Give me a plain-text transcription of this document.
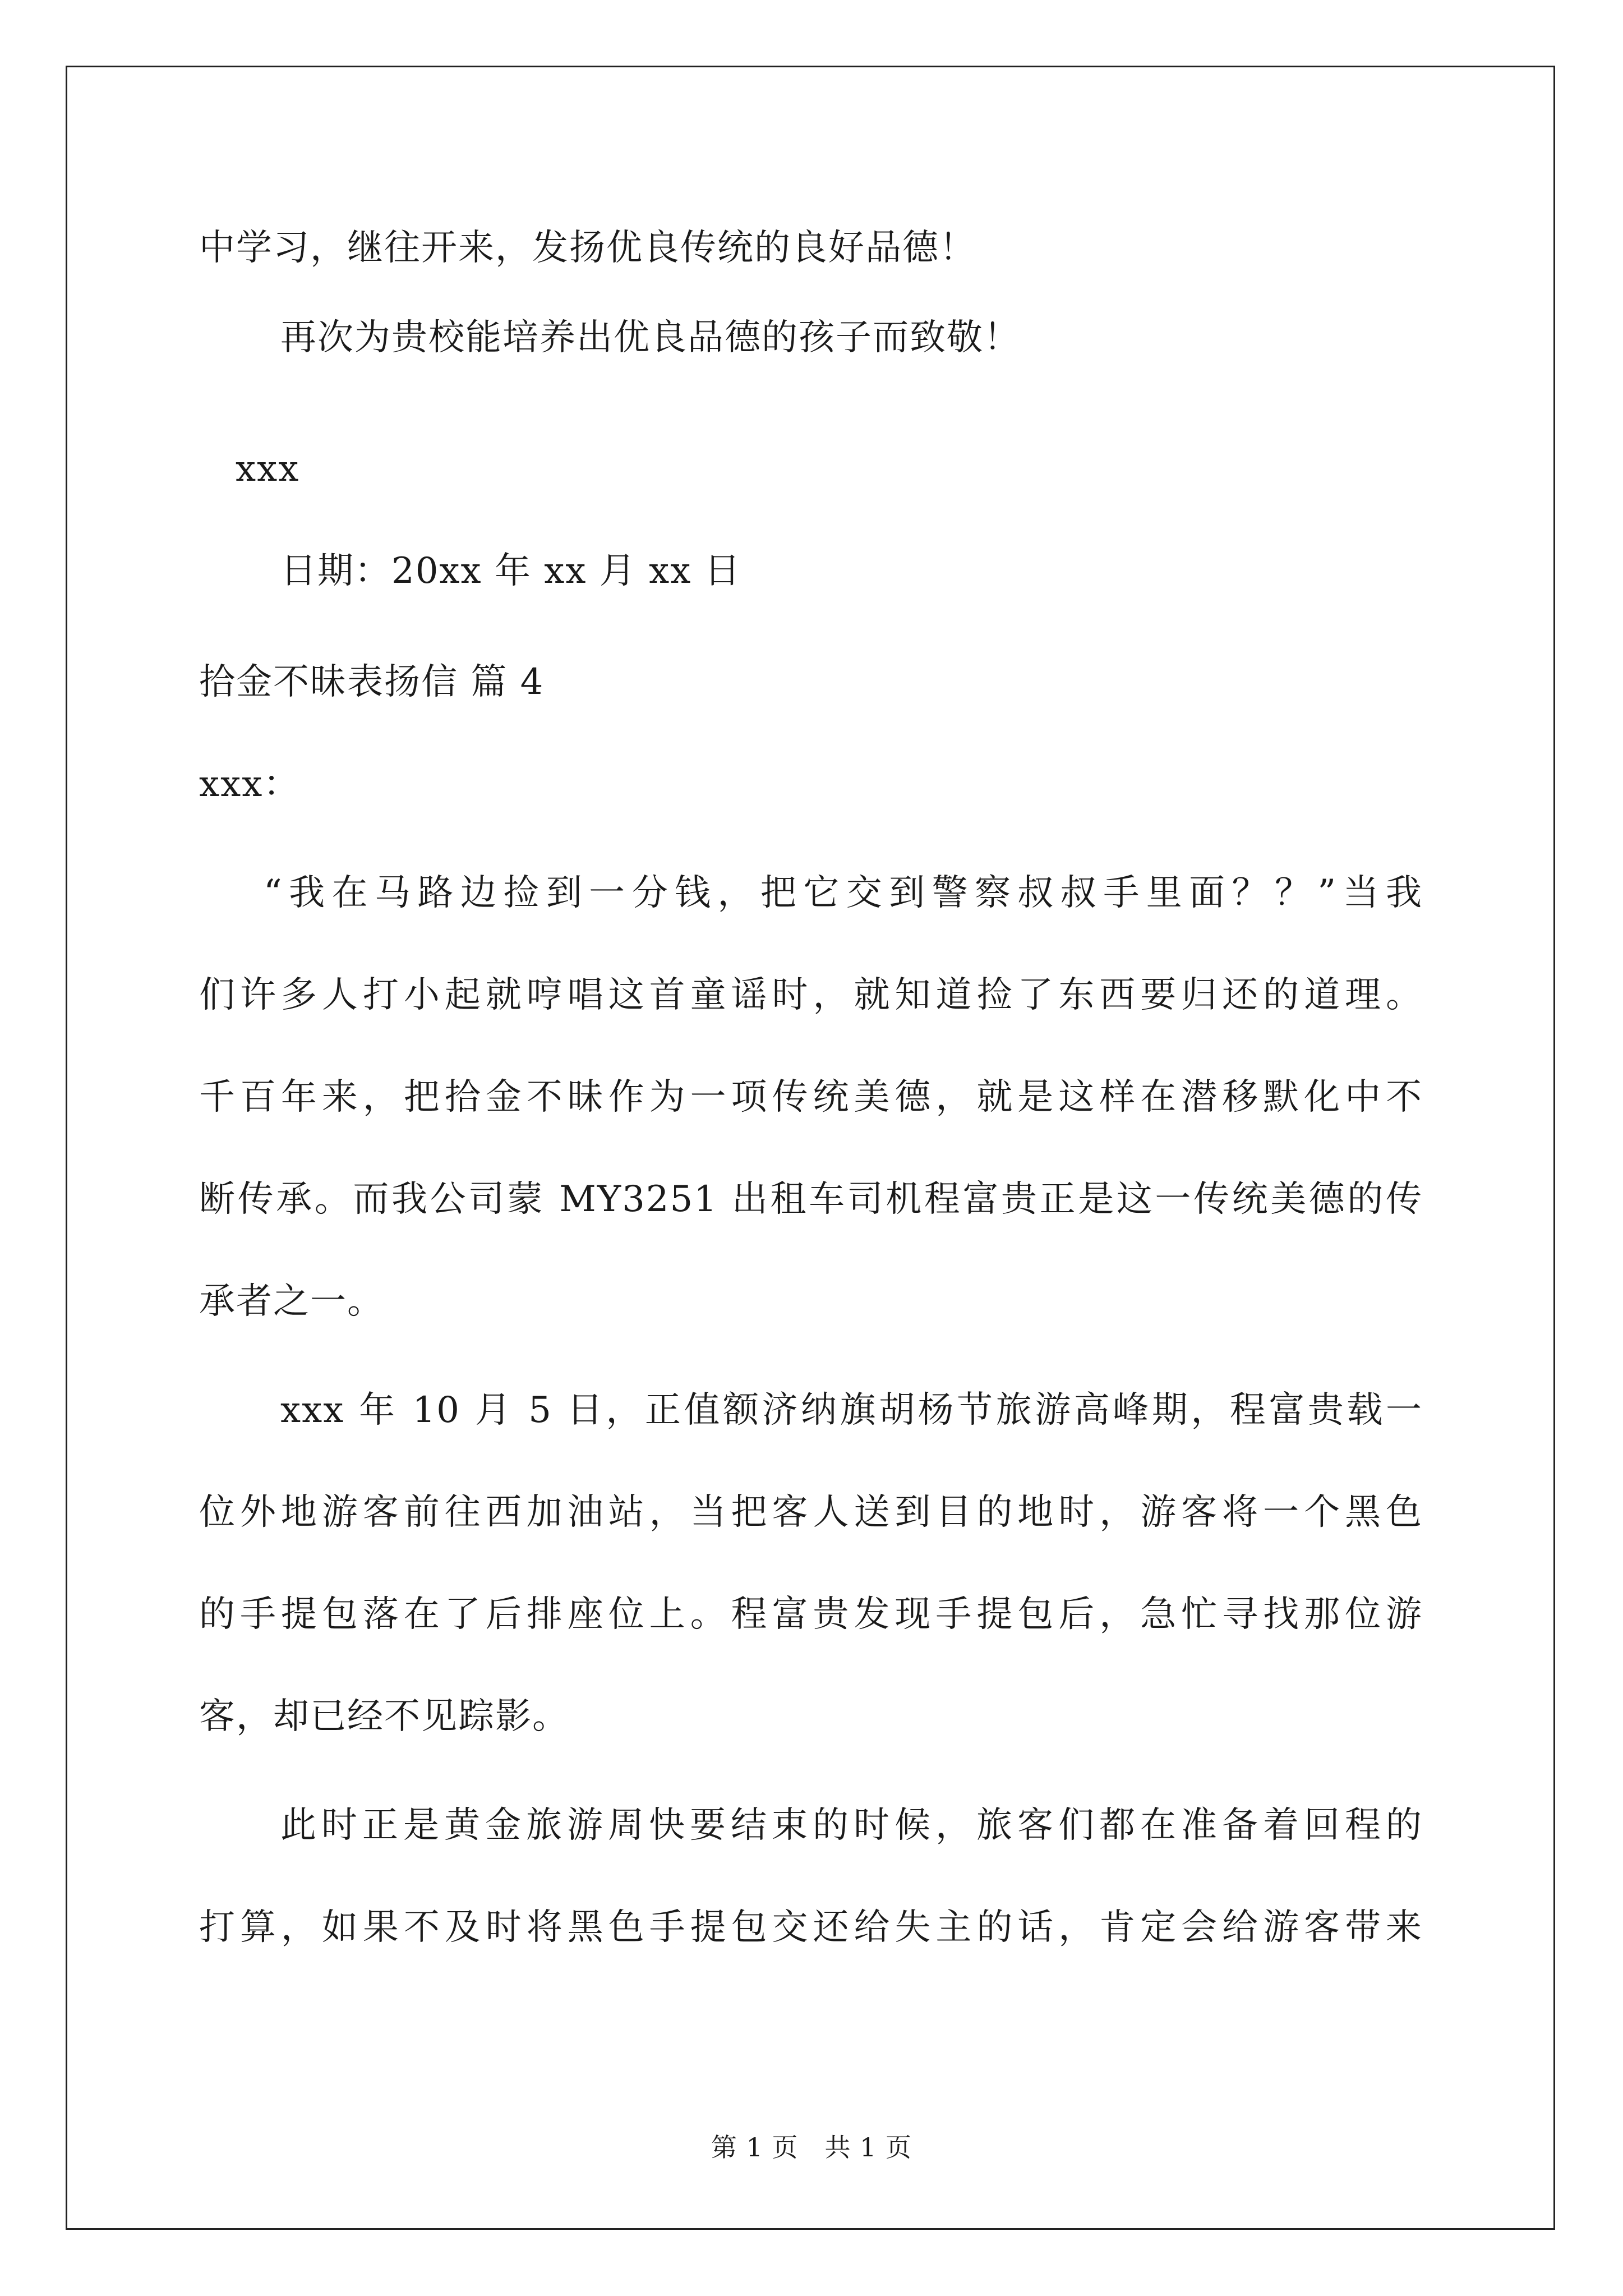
中学习，继往开来，发扬优良传统的良好品德！
再次为贵校能培养出优良品德的孩子而致敬！
xxx
日期：20xx 年 xx 月 xx 日
拾金不昧表扬信 篇 4
xxx：
“我在马路边捡到一分钱，把它交到警察叔叔手里面？？”当我
们许多人打小起就哼唱这首童谣时，就知道捡了东西要归还的道理。
千百年来，把拾金不昧作为一项传统美德，就是这样在潜移默化中不
断传承。而我公司蒙 MY3251 出租车司机程富贵正是这一传统美德的传
承者之一。
xxx 年 10 月 5 日，正值额济纳旗胡杨节旅游高峰期，程富贵载一
位外地游客前往西加油站，当把客人送到目的地时，游客将一个黑色
的手提包落在了后排座位上。程富贵发现手提包后，急忙寻找那位游
客，却已经不见踪影。
此时正是黄金旅游周快要结束的时候，旅客们都在准备着回程的
打算，如果不及时将黑色手提包交还给失主的话，肯定会给游客带来
第 1 页　共 1 页
